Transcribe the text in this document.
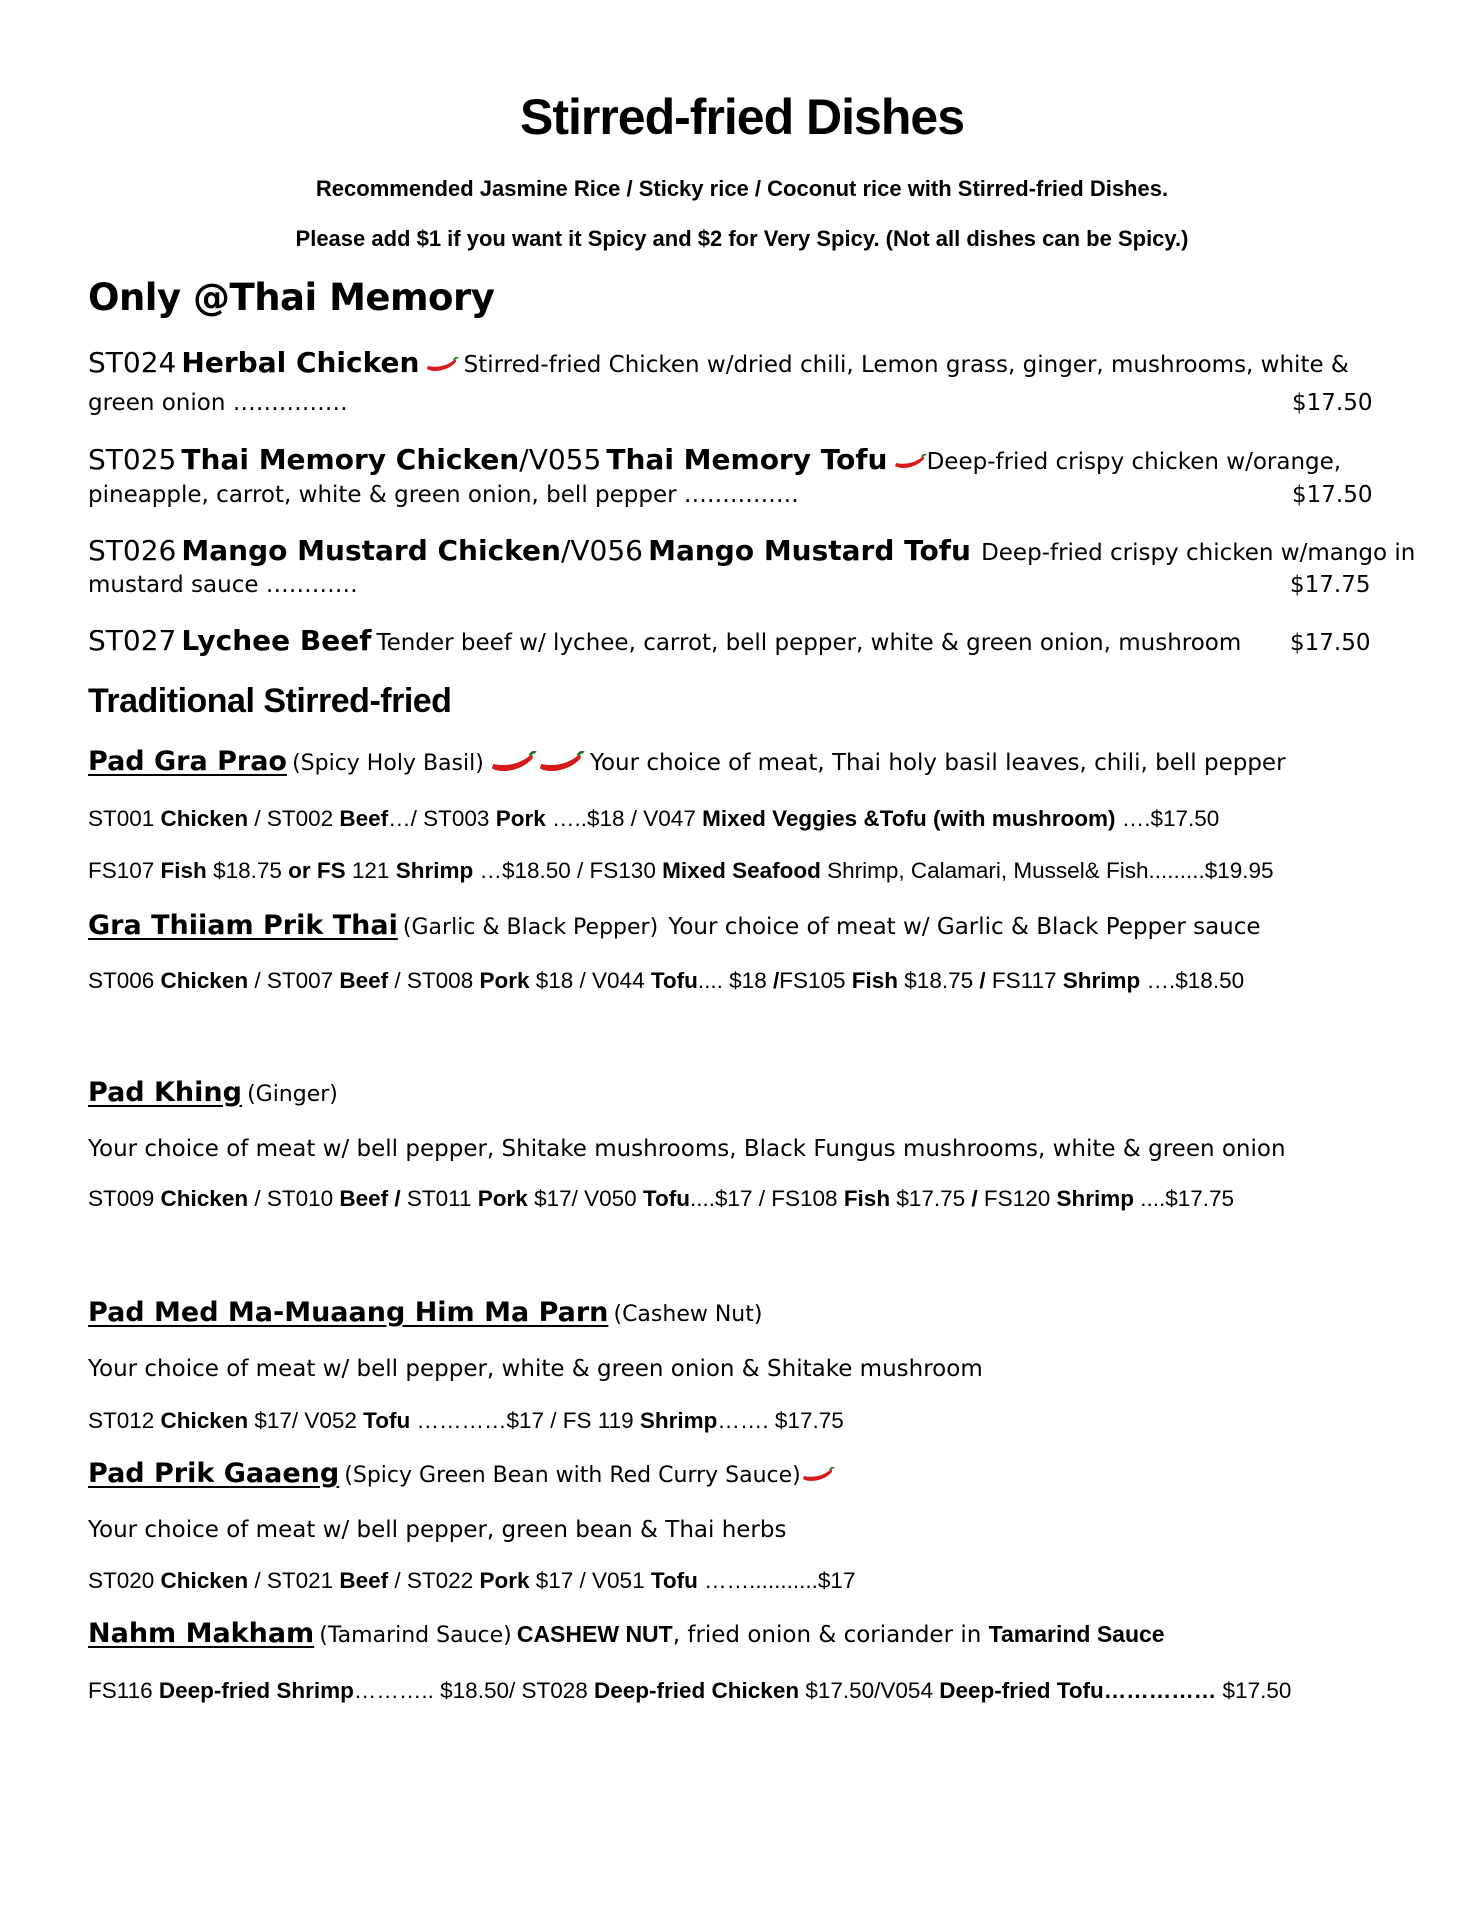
Stirred-fried Dishes
Recommended Jasmine Rice / Sticky rice / Coconut rice with Stirred-fried Dishes.
Please add $1 if you want it Spicy and $2 for Very Spicy. (Not all dishes can be Spicy.)
Only @Thai Memory
ST024 Herbal Chicken Stirred-fried Chicken w/dried chili, Lemon grass, ginger, mushrooms, white &
green onion ……………	$17.50
ST025 Thai Memory Chicken/V055 Thai Memory Tofu Deep-fried crispy chicken w/orange,
pineapple, carrot, white & green onion, bell pepper ……………	$17.50
ST026 Mango Mustard Chicken/V056 Mango Mustard Tofu Deep-fried crispy chicken w/mango in
mustard sauce …………	$17.75
ST027 Lychee Beef Tender beef w/ lychee, carrot, bell pepper, white & green onion, mushroom $17.50
Traditional Stirred-fried
Pad Gra Prao (Spicy Holy Basil)	Your choice of meat, Thai holy basil leaves, chili, bell pepper
ST001 Chicken / ST002 Beef…/ ST003 Pork …..$18 / V047 Mixed Veggies &Tofu (with mushroom) ….$17.50
FS107 Fish $18.75 or FS 121 Shrimp …$18.50 / FS130 Mixed Seafood Shrimp, Calamari, Mussel& Fish.........$19.95
Gra Thiiam Prik Thai (Garlic & Black Pepper) Your choice of meat w/ Garlic & Black Pepper sauce
ST006 Chicken / ST007 Beef / ST008 Pork $18 / V044 Tofu.... $18 /FS105 Fish $18.75 / FS117 Shrimp ….$18.50
Pad Khing (Ginger)
Your choice of meat w/ bell pepper, Shitake mushrooms, Black Fungus mushrooms, white & green onion
ST009 Chicken / ST010 Beef / ST011 Pork $17/ V050 Tofu....$17 / FS108 Fish $17.75 / FS120 Shrimp ....$17.75
Pad Med Ma-Muaang Him Ma Parn (Cashew Nut)
Your choice of meat w/ bell pepper, white & green onion & Shitake mushroom
ST012 Chicken $17/ V052 Tofu …………$17 / FS 119 Shrimp……. $17.75
Pad Prik Gaaeng (Spicy Green Bean with Red Curry Sauce)
Your choice of meat w/ bell pepper, green bean & Thai herbs
ST020 Chicken / ST021 Beef / ST022 Pork $17 / V051 Tofu ……...........$17
Nahm Makham (Tamarind Sauce) CASHEW NUT, fried onion & coriander in Tamarind Sauce
FS116 Deep-fried Shrimp……….. $18.50/ ST028 Deep-fried Chicken $17.50/V054 Deep-fried Tofu…………… $17.50
